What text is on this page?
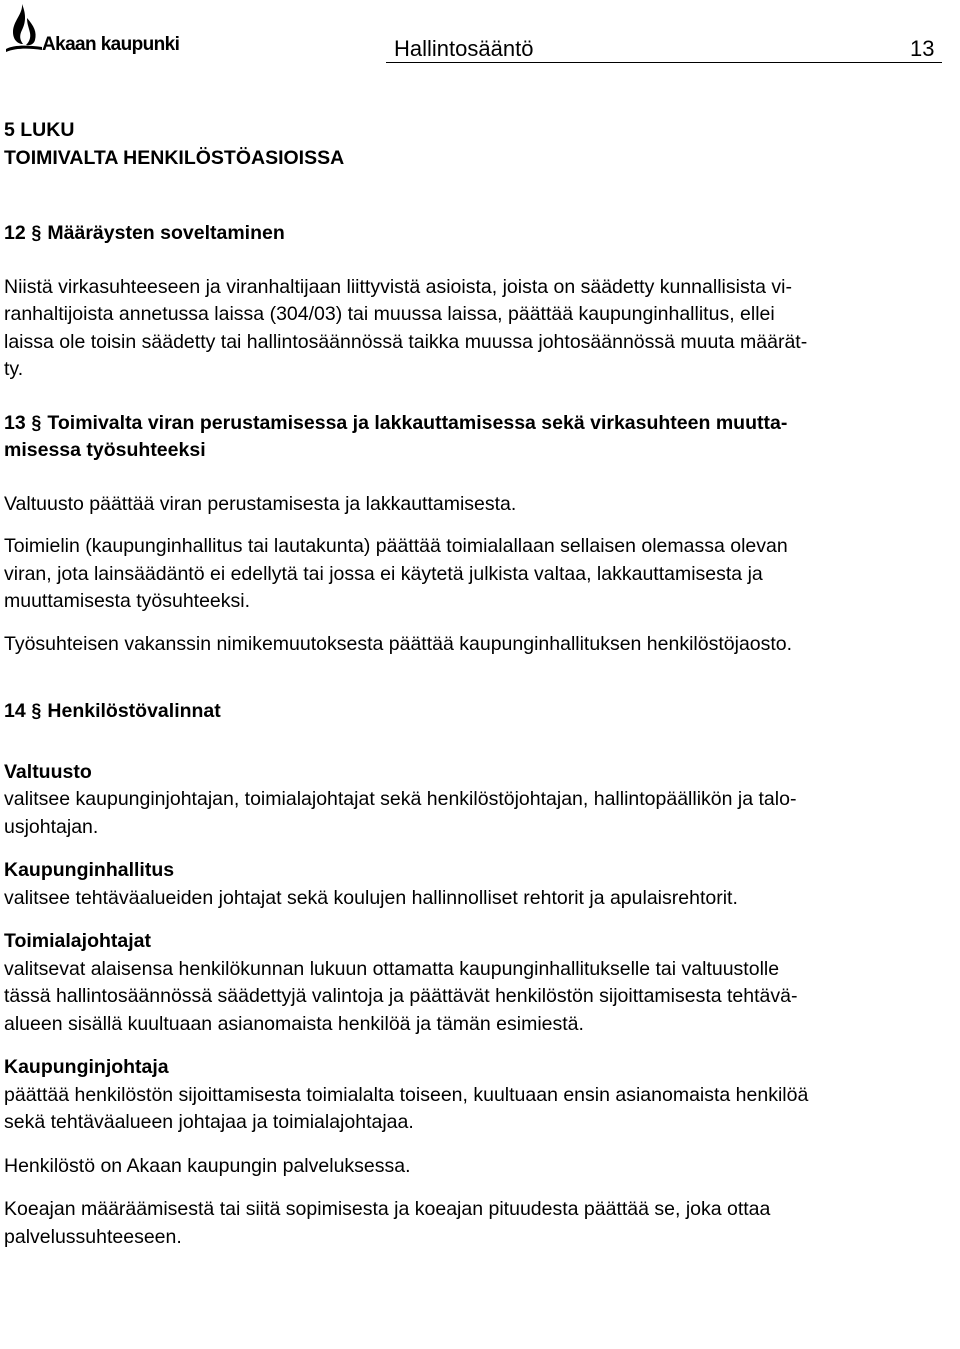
Akaan kaupunki	Hallintosääntö	13

5 LUKU

TOIMIVALTA HENKILÖSTÖASIOISSA

12 § Määräysten soveltaminen

Niistä virkasuhteeseen ja viranhaltijaan liittyvistä asioista, joista on säädetty kunnallisista vi-

ranhaltijoista annetussa laissa (304/03) tai muussa laissa, päättää kaupunginhallitus, ellei

laissa ole toisin säädetty tai hallintosäännössä taikka muussa johtosäännössä muuta määrät-

ty.

13 § Toimivalta viran perustamisessa ja lakkauttamisessa sekä virkasuhteen muutta-

misessa työsuhteeksi

Valtuusto päättää viran perustamisesta ja lakkauttamisesta.

Toimielin (kaupunginhallitus tai lautakunta) päättää toimialallaan sellaisen olemassa olevan

viran, jota lainsäädäntö ei edellytä tai jossa ei käytetä julkista valtaa, lakkauttamisesta ja

muuttamisesta työsuhteeksi.

Työsuhteisen vakanssin nimikemuutoksesta päättää kaupunginhallituksen henkilöstöjaosto.

14 § Henkilöstövalinnat

Valtuusto

valitsee kaupunginjohtajan, toimialajohtajat sekä henkilöstöjohtajan, hallintopäällikön ja talo-

usjohtajan.

Kaupunginhallitus

valitsee tehtäväalueiden johtajat sekä koulujen hallinnolliset rehtorit ja apulaisrehtorit.

Toimialajohtajat

valitsevat alaisensa henkilökunnan lukuun ottamatta kaupunginhallitukselle tai valtuustolle

tässä hallintosäännössä säädettyjä valintoja ja päättävät henkilöstön sijoittamisesta tehtävä-

alueen sisällä kuultuaan asianomaista henkilöä ja tämän esimiestä.

Kaupunginjohtaja

päättää henkilöstön sijoittamisesta toimialalta toiseen, kuultuaan ensin asianomaista henkilöä

sekä tehtäväalueen johtajaa ja toimialajohtajaa.

Henkilöstö on Akaan kaupungin palveluksessa.

Koeajan määräämisestä tai siitä sopimisesta ja koeajan pituudesta päättää se, joka ottaa

palvelussuhteeseen.
